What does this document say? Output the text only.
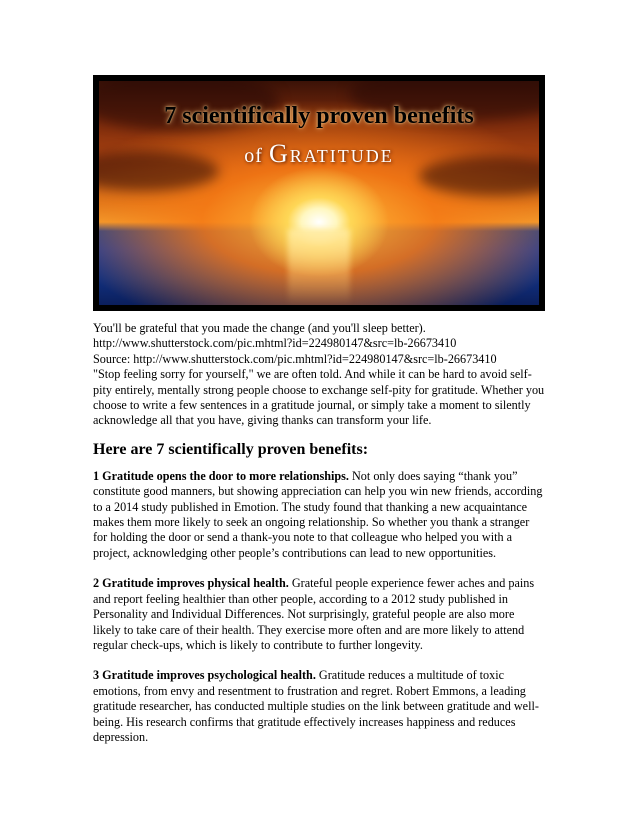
7 scientifically proven benefits
of Gratitude

You'll be grateful that you made the change (and you'll sleep better).

http://www.shutterstock.com/pic.mhtml?id=224980147&src=lb-26673410

Source: http://www.shutterstock.com/pic.mhtml?id=224980147&src=lb-26673410

"Stop feeling sorry for yourself," we are often told. And while it can be hard to avoid self-pity entirely, mentally strong people choose to exchange self-pity for gratitude. Whether you choose to write a few sentences in a gratitude journal, or simply take a moment to silently acknowledge all that you have, giving thanks can transform your life.

Here are 7 scientifically proven benefits:

1 Gratitude opens the door to more relationships. Not only does saying “thank you” constitute good manners, but showing appreciation can help you win new friends, according to a 2014 study published in Emotion. The study found that thanking a new acquaintance makes them more likely to seek an ongoing relationship. So whether you thank a stranger for holding the door or send a thank-you note to that colleague who helped you with a project, acknowledging other people’s contributions can lead to new opportunities.

2 Gratitude improves physical health. Grateful people experience fewer aches and pains and report feeling healthier than other people, according to a 2012 study published in Personality and Individual Differences. Not surprisingly, grateful people are also more likely to take care of their health. They exercise more often and are more likely to attend regular check-ups, which is likely to contribute to further longevity.

3 Gratitude improves psychological health. Gratitude reduces a multitude of toxic emotions, from envy and resentment to frustration and regret. Robert Emmons, a leading gratitude researcher, has conducted multiple studies on the link between gratitude and well-being. His research confirms that gratitude effectively increases happiness and reduces depression.
